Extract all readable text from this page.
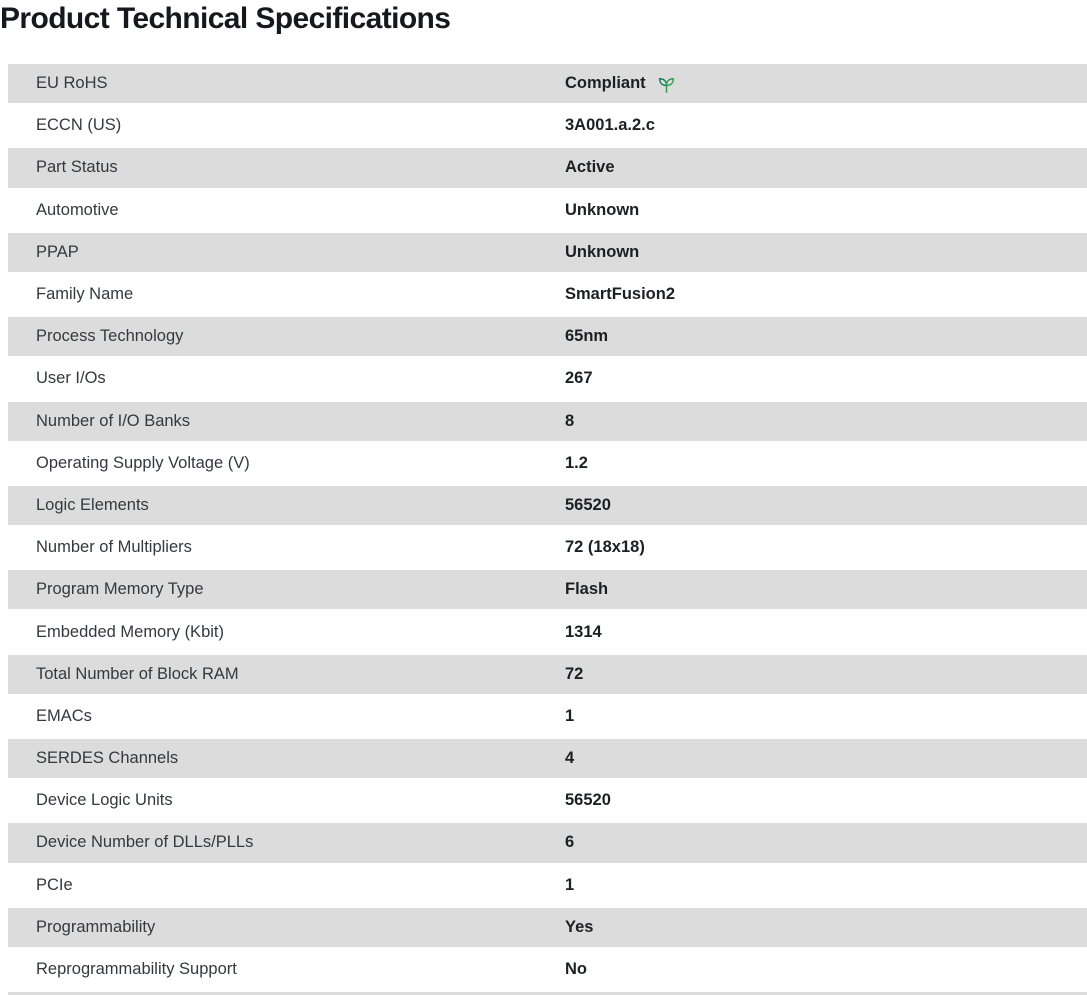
Product Technical Specifications
EU RoHS	Compliant
ECCN (US)	3A001.a.2.c
Part Status	Active
Automotive	Unknown
PPAP	Unknown
Family Name	SmartFusion2
Process Technology	65nm
User I/Os	267
Number of I/O Banks	8
Operating Supply Voltage (V)	1.2
Logic Elements	56520
Number of Multipliers	72 (18x18)
Program Memory Type	Flash
Embedded Memory (Kbit)	1314
Total Number of Block RAM	72
EMACs	1
SERDES Channels	4
Device Logic Units	56520
Device Number of DLLs/PLLs	6
PCIe	1
Programmability	Yes
Reprogrammability Support	No
